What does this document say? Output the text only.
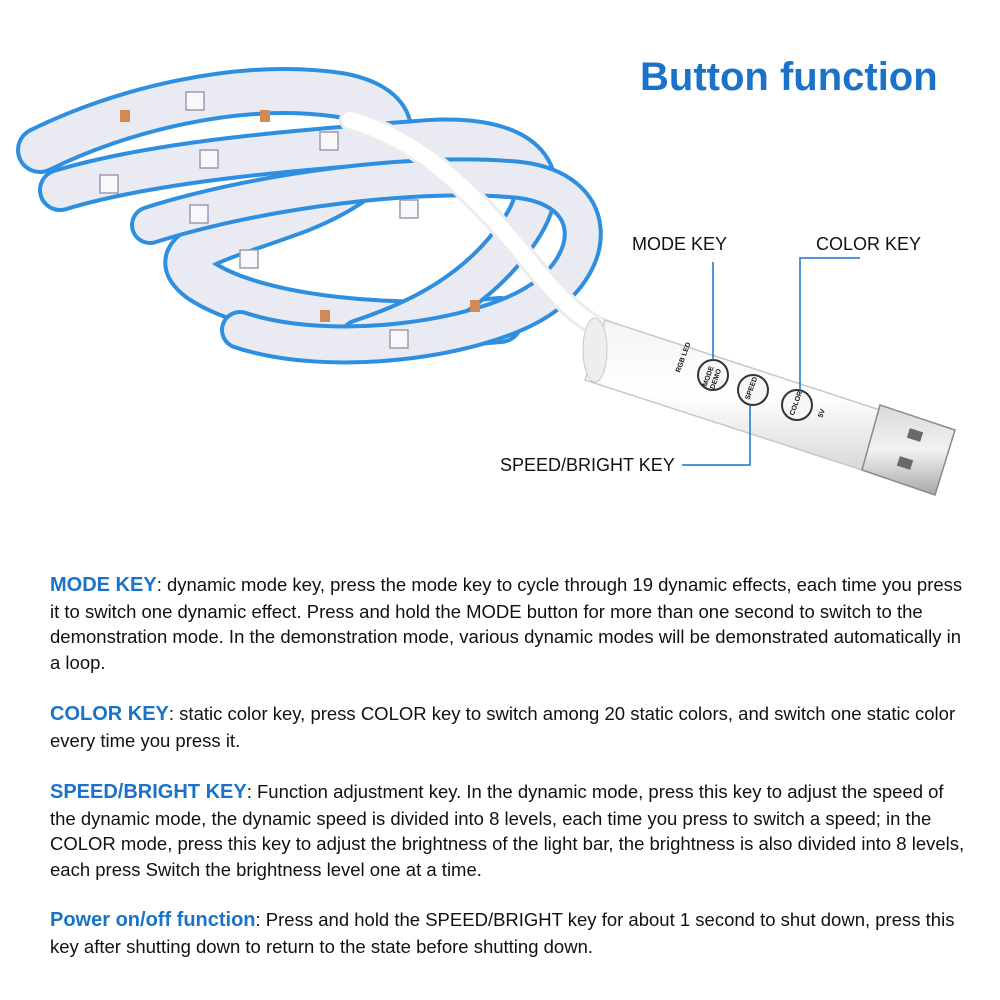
Button function
RGB LED
MODE DEMO	SPEED
COLOR 5V
MODE KEY	COLOR KEY
SPEED/BRIGHT KEY
MODE KEY: dynamic mode key, press the mode key to cycle through 19 dynamic effects, each time you press it to switch one dynamic effect. Press and hold the MODE button for more than one second to switch to the demonstration mode. In the demonstration mode, various dynamic modes will be demonstrated automatically in a loop.
COLOR KEY: static color key, press COLOR key to switch among 20 static colors, and switch one static color every time you press it.
SPEED/BRIGHT KEY: Function adjustment key. In the dynamic mode, press this key to adjust the speed of the dynamic mode, the dynamic speed is divided into 8 levels, each time you press to switch a speed; in the COLOR mode, press this key to adjust the brightness of the light bar, the brightness is also divided into 8 levels, each press Switch the brightness level one at a time.
Power on/off function: Press and hold the SPEED/BRIGHT key for about 1 second to shut down, press this key after shutting down to return to the state before shutting down.
